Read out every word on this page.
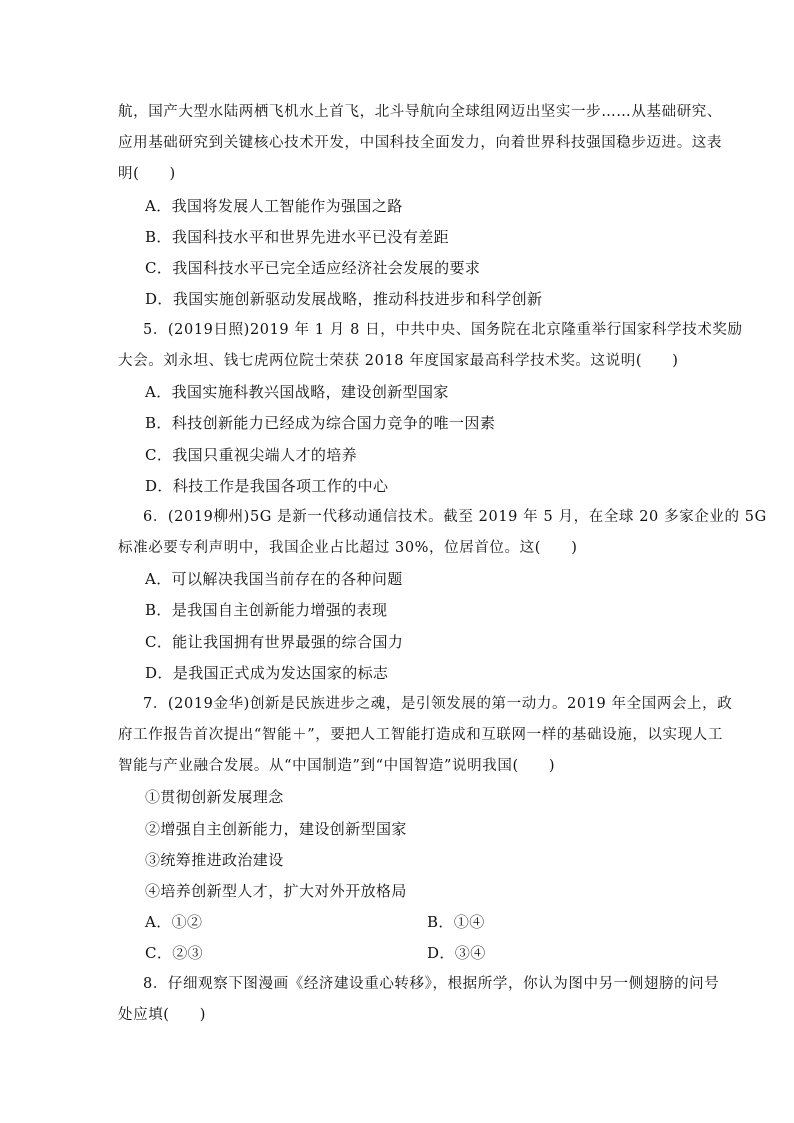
航，国产大型水陆两栖飞机水上首飞，北斗导航向全球组网迈出坚实一步……从基础研究、
应用基础研究到关键核心技术开发，中国科技全面发力，向着世界科技强国稳步迈进。这表
明(　　)
A．我国将发展人工智能作为强国之路
B．我国科技水平和世界先进水平已没有差距
C．我国科技水平已完全适应经济社会发展的要求
D．我国实施创新驱动发展战略，推动科技进步和科学创新
5．(2019日照)2019 年 1 月 8 日，中共中央、国务院在北京隆重举行国家科学技术奖励
大会。刘永坦、钱七虎两位院士荣获 2018 年度国家最高科学技术奖。这说明(　　)
A．我国实施科教兴国战略，建设创新型国家
B．科技创新能力已经成为综合国力竞争的唯一因素
C．我国只重视尖端人才的培养
D．科技工作是我国各项工作的中心
6．(2019柳州)5G 是新一代移动通信技术。截至 2019 年 5 月，在全球 20 多家企业的 5G
标准必要专利声明中，我国企业占比超过 30%，位居首位。这(　　)
A．可以解决我国当前存在的各种问题
B．是我国自主创新能力增强的表现
C．能让我国拥有世界最强的综合国力
D．是我国正式成为发达国家的标志
7．(2019金华)创新是民族进步之魂，是引领发展的第一动力。2019 年全国两会上，政
府工作报告首次提出“智能＋”，要把人工智能打造成和互联网一样的基础设施，以实现人工
智能与产业融合发展。从“中国制造”到“中国智造”说明我国(　　)
①贯彻创新发展理念
②增强自主创新能力，建设创新型国家
③统筹推进政治建设
④培养创新型人才，扩大对外开放格局
A．①②	B．①④
C．②③	D．③④
8．仔细观察下图漫画《经济建设重心转移》，根据所学，你认为图中另一侧翅膀的问号
处应填(　　)
